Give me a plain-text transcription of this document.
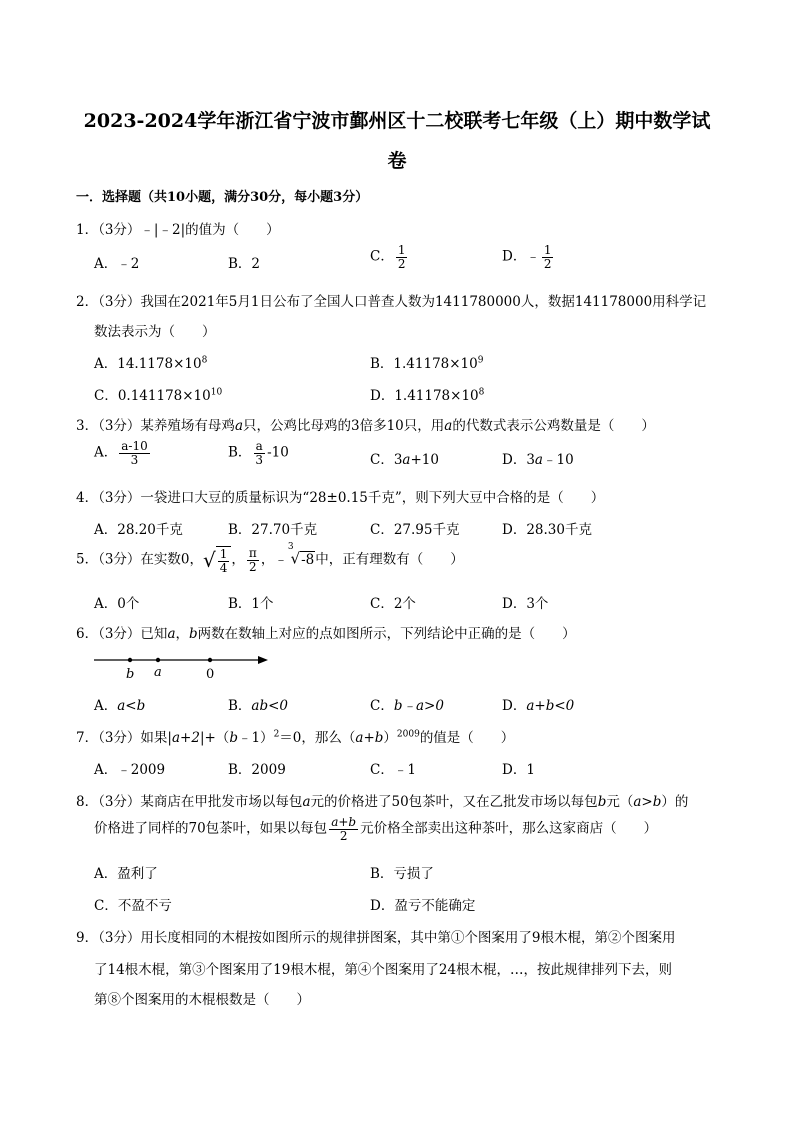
2023-2024学年浙江省宁波市鄞州区十二校联考七年级（上）期中数学试
卷
一．选择题（共10小题，满分30分，每小题3分）
1．（3分）﹣|﹣2|的值为（　　）
A．﹣2	B．2	C． $\frac{1}{2}$	D．﹣ $\frac{1}{2}$
2．（3分）我国在2021年5月1日公布了全国人口普查人数为1411780000人，数据141178000用科学记
数法表示为（　　）
A．$14.1178\times 10^8$	B．$1.41178\times 10^9$
C．$0.141178\times 10^{10}$	D．$1.41178\times 10^8$
3．（3分）某养殖场有母鸡a只，公鸡比母鸡的3倍多10只，用a的代数式表示公鸡数量是（　　）
A． $\frac{a-10}{3}$	B． $\frac{a}{3} -10$	C．3a+10	D．3a﹣10
4．（3分）一袋进口大豆的质量标识为“28±0.15千克”，则下列大豆中合格的是（　　）
A．28.20千克	B．27.70千克	C．27.95千克	D．28.30千克
5．（3分）在实数0， √ $\frac{1}{4}$ ， $\frac{\pi}{2}$ ，﹣$^3$√-8中，正有理数有（　　）
A．0个	B．1个	C．2个	D．3个
6．（3分）已知a，b两数在数轴上对应的点如图所示，下列结论中正确的是（　　）
b a	0
A．a<b	B．ab<0	C．b﹣a>0	D．a+b<0
7．（3分）如果|a+2|+（b﹣1）$^2$＝0，那么$(a+b)^{2009}$的值是（　　）
A．﹣2009	B．2009	C．﹣1	D．1
8．（3分）某商店在甲批发市场以每包a元的价格进了50包茶叶，又在乙批发市场以每包b元（a>b）的
价格进了同样的70包茶叶，如果以每包 $\frac{a+b}{2}$ 元价格全部卖出这种茶叶，那么这家商店（　　）
A．盈利了	B．亏损了
C．不盈不亏	D．盈亏不能确定
9．（3分）用长度相同的木棍按如图所示的规律拼图案，其中第①个图案用了9根木棍，第②个图案用
了14根木棍，第③个图案用了19根木棍，第④个图案用了24根木棍，…，按此规律排列下去，则
第⑧个图案用的木棍根数是（　　）
